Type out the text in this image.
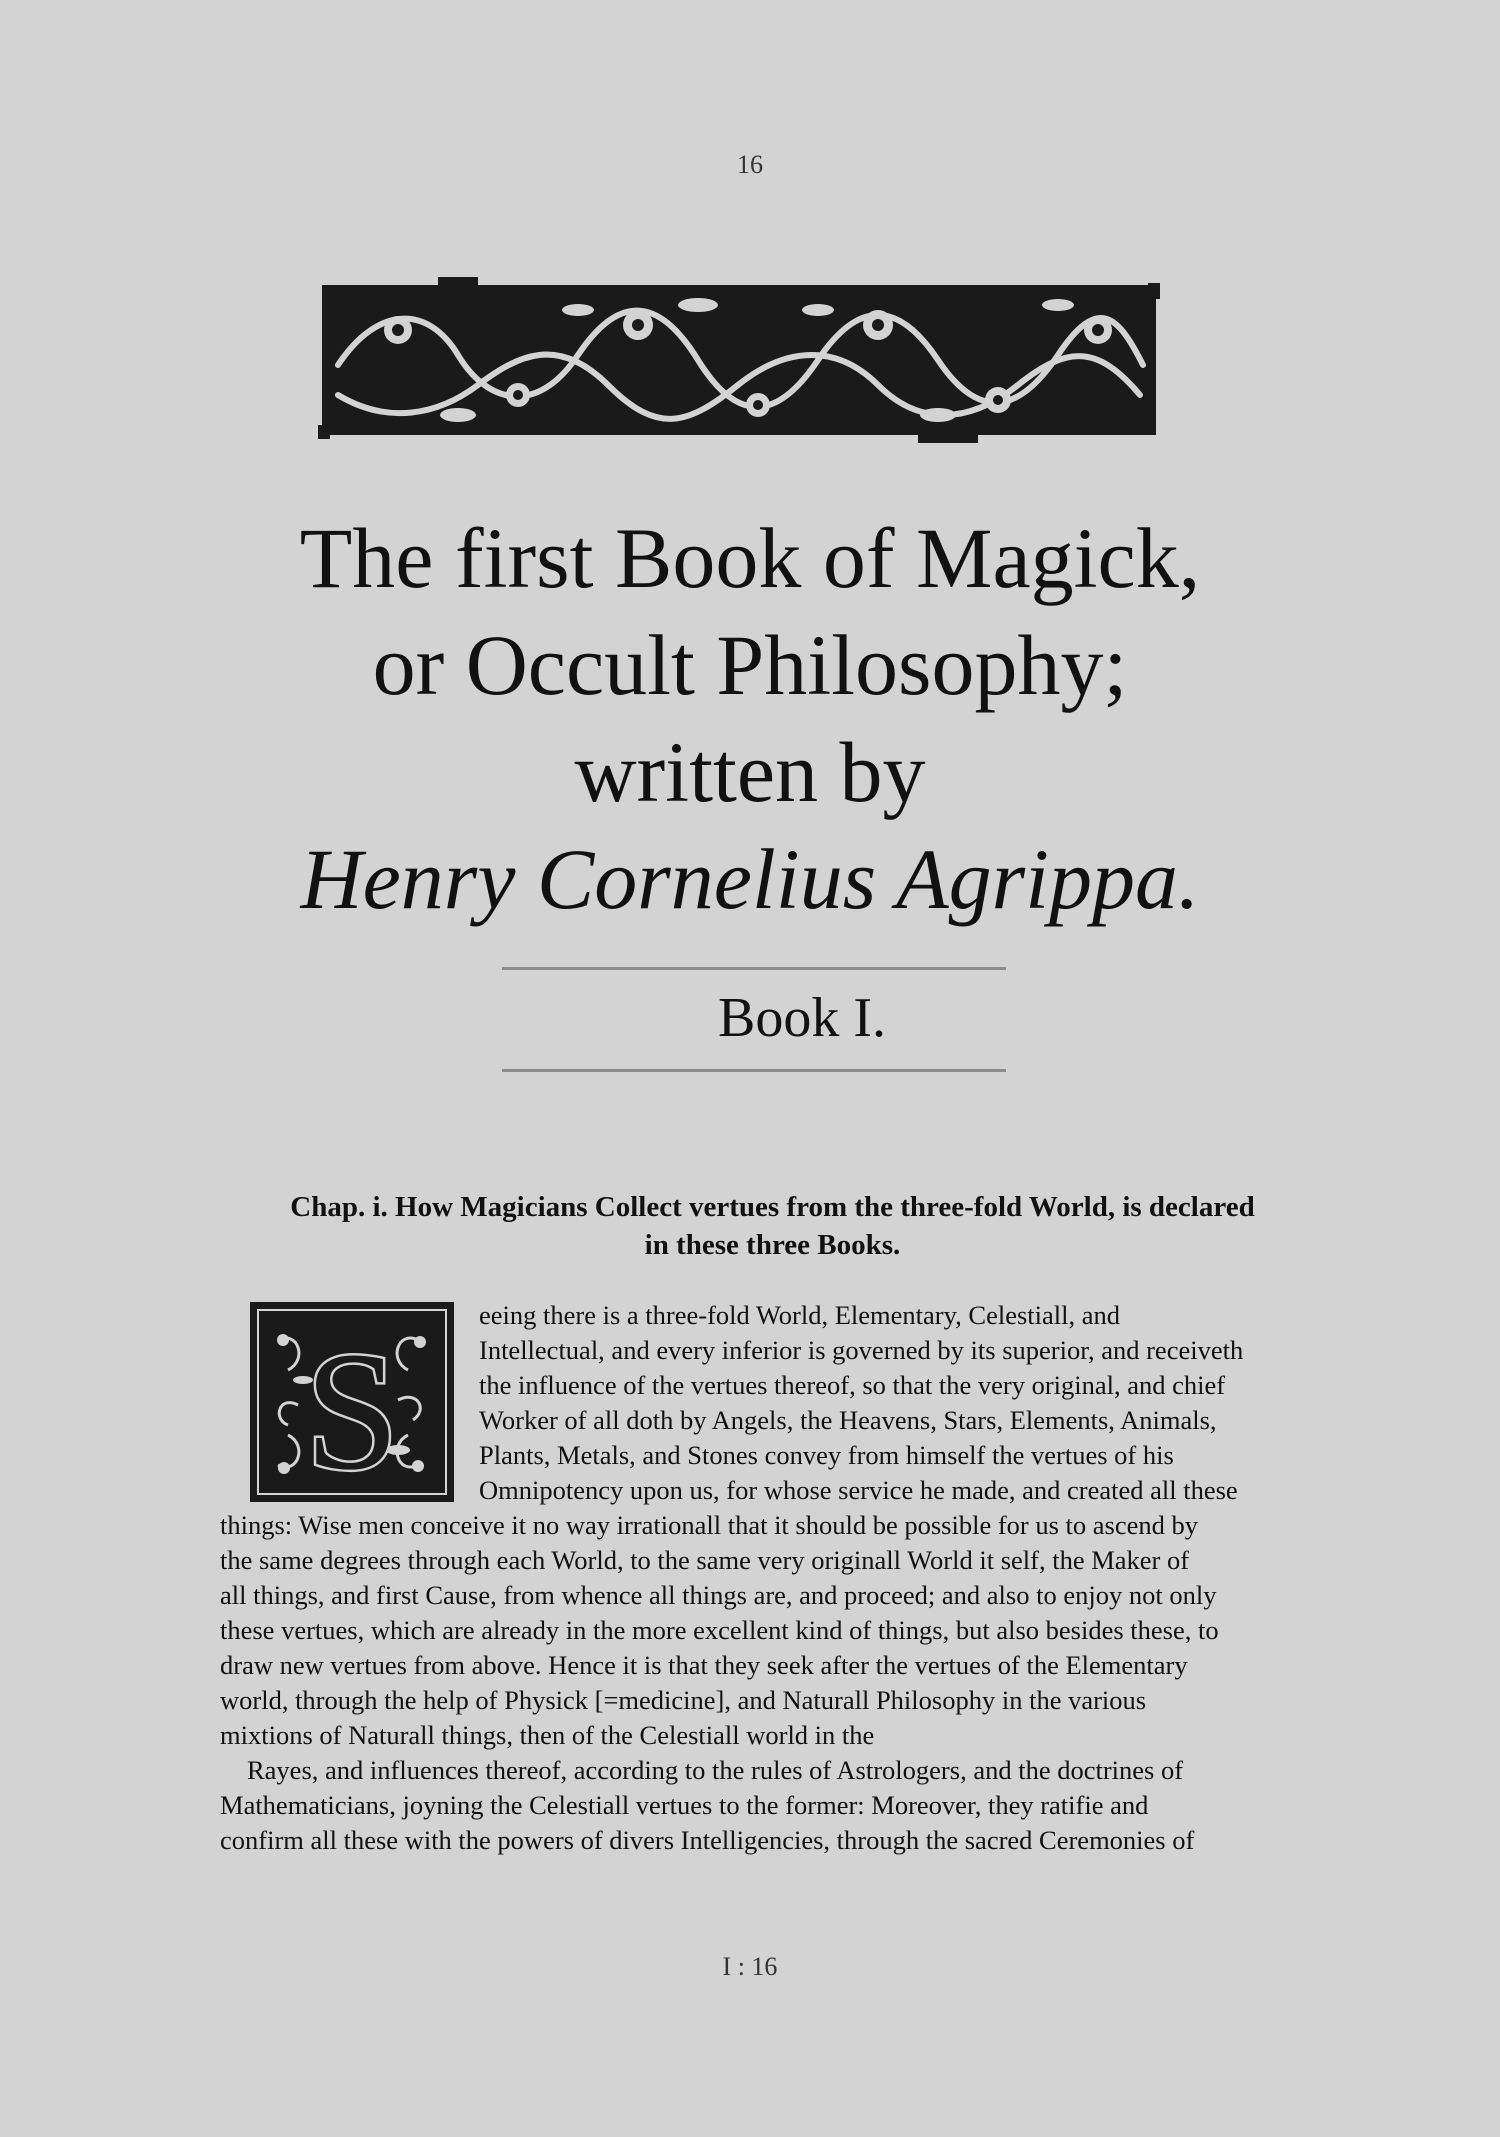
16
The first Book of Magick,
or Occult Philosophy;
written by
Henry Cornelius Agrippa.
Book I.
Chap. i. How Magicians Collect vertues from the three-fold World, is declared
in these three Books.
S
eeing there is a three-fold World, Elementary, Celestiall, and
Intellectual, and every inferior is governed by its superior, and receiveth
the influence of the vertues thereof, so that the very original, and chief
Worker of all doth by Angels, the Heavens, Stars, Elements, Animals,
Plants, Metals, and Stones convey from himself the vertues of his
Omnipotency upon us, for whose service he made, and created all these
things: Wise men conceive it no way irrationall that it should be possible for us to ascend by
the same degrees through each World, to the same very originall World it self, the Maker of
all things, and first Cause, from whence all things are, and proceed; and also to enjoy not only
these vertues, which are already in the more excellent kind of things, but also besides these, to
draw new vertues from above. Hence it is that they seek after the vertues of the Elementary
world, through the help of Physick [=medicine], and Naturall Philosophy in the various
mixtions of Naturall things, then of the Celestiall world in the
Rayes, and influences thereof, according to the rules of Astrologers, and the doctrines of
Mathematicians, joyning the Celestiall vertues to the former: Moreover, they ratifie and
confirm all these with the powers of divers Intelligencies, through the sacred Ceremonies of
I : 16
